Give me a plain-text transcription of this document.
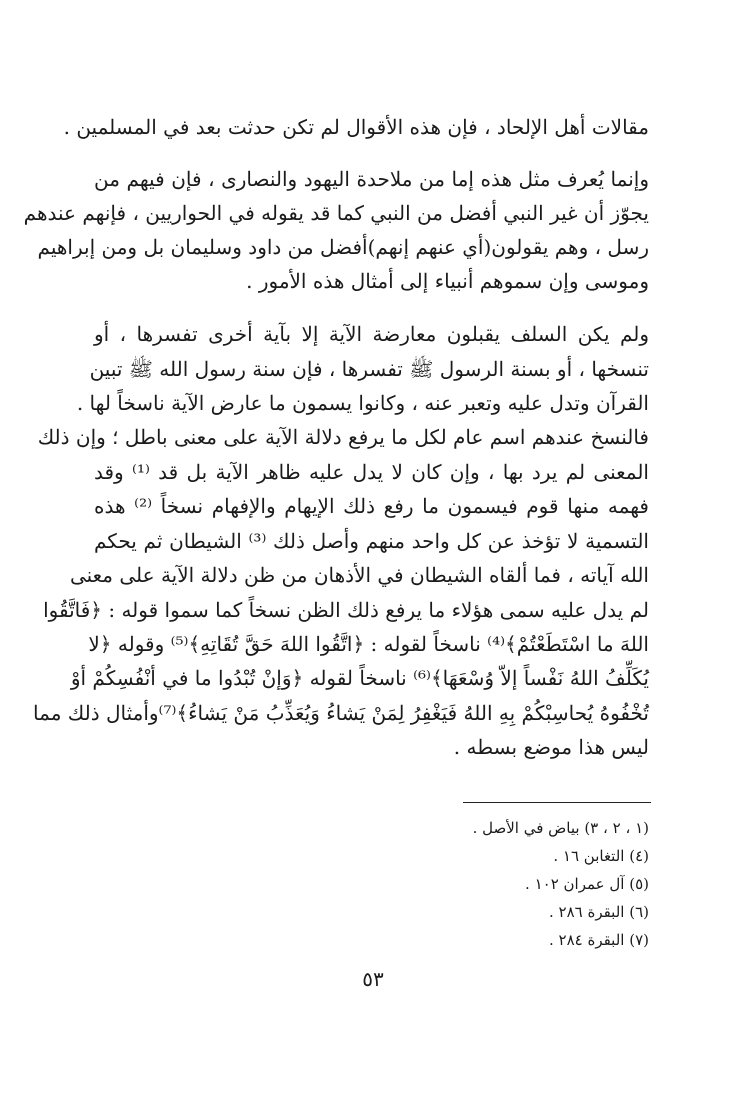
مقالات أهل الإلحاد ، فإن هذه الأقوال لم تكن حدثت بعد في المسلمين .
وإنما يُعرف مثل هذه إما من ملاحدة اليهود والنصارى ، فإن فيهم من
يجوّز أن غير النبي أفضل من النبي كما قد يقوله في الحواريين ، فإنهم عندهم
رسل ، وهم يقولون(أي عنهم إنهم)أفضل من داود وسليمان بل ومن إبراهيم
وموسى وإن سموهم أنبياء إلى أمثال هذه الأمور .
ولم يكن السلف يقبلون معارضة الآية إلا بآية أخرى تفسرها ، أو
تنسخها ، أو بسنة الرسول ﷺ تفسرها ، فإن سنة رسول الله ﷺ تبين
القرآن وتدل عليه وتعبر عنه ، وكانوا يسمون ما عارض الآية ناسخاً لها .
فالنسخ عندهم اسم عام لكل ما يرفع دلالة الآية على معنى باطل ؛ وإن ذلك
المعنى لم يرد بها ، وإن كان لا يدل عليه ظاهر الآية بل قد ⁽¹⁾ وقد
فهمه منها قوم فيسمون ما رفع ذلك الإيهام والإفهام نسخاً ⁽²⁾ هذه
التسمية لا تؤخذ عن كل واحد منهم وأصل ذلك ⁽³⁾ الشيطان ثم يحكم
الله آياته ، فما ألقاه الشيطان في الأذهان من ظن دلالة الآية على معنى
لم يدل عليه سمى هؤلاء ما يرفع ذلك الظن نسخاً كما سموا قوله : ﴿فَاتَّقُوا
اللهَ ما اسْتَطَعْتُمْ﴾⁽⁴⁾ ناسخاً لقوله : ﴿اتَّقُوا اللهَ حَقَّ تُقَاتِهِ﴾⁽⁵⁾ وقوله ﴿لا
يُكَلِّفُ اللهُ نَفْساً إلاّ وُسْعَهَا﴾⁽⁶⁾ ناسخاً لقوله ﴿وَإنْ تُبْدُوا ما في أنْفُسِكُمْ أوْ
تُخْفُوهُ يُحاسِبْكُمْ بِهِ اللهُ فَيَغْفِرُ لِمَنْ يَشاءُ وَيُعَذِّبُ مَنْ يَشاءُ﴾⁽⁷⁾وأمثال ذلك مما
ليس هذا موضع بسطه .
(١ ، ٢ ، ٣) بياض في الأصل .
(٤) التغابن ١٦ .
(٥) آل عمران ١٠٢ .
(٦) البقرة ٢٨٦ .
(٧) البقرة ٢٨٤ .
٥٣
